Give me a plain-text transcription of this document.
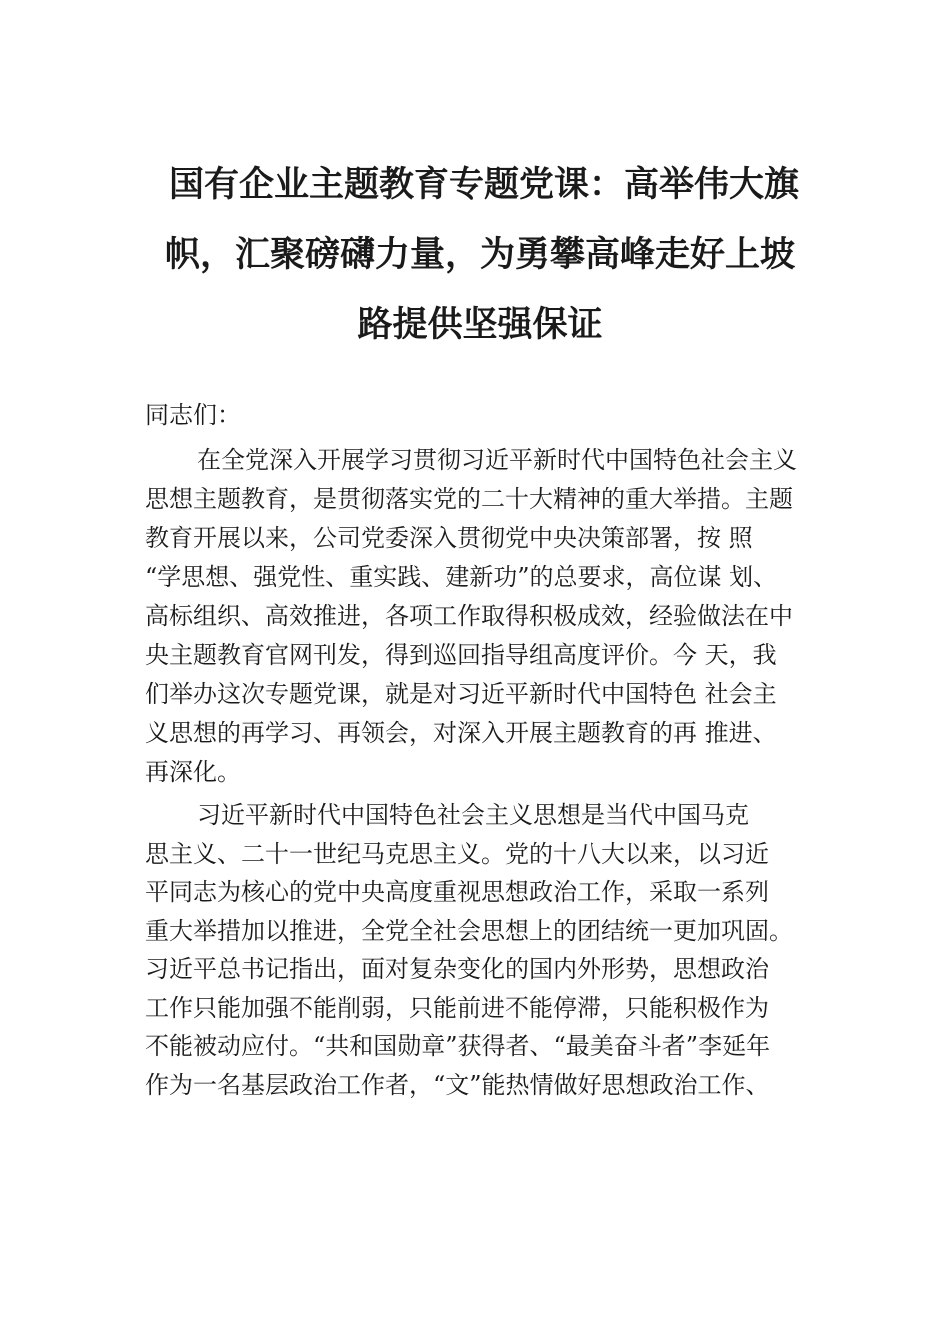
国有企业主题教育专题党课：高举伟大旗
帜，汇聚磅礴力量，为勇攀高峰走好上坡
路提供坚强保证
同志们：
在全党深入开展学习贯彻习近平新时代中国特色社会主义
思想主题教育，是贯彻落实党的二十大精神的重大举措。主题
教育开展以来，公司党委深入贯彻党中央决策部署，按 照
“学思想、强党性、重实践、建新功”的总要求，高位谋 划、
高标组织、高效推进，各项工作取得积极成效，经验做法在中
央主题教育官网刊发，得到巡回指导组高度评价。今 天，我
们举办这次专题党课，就是对习近平新时代中国特色 社会主
义思想的再学习、再领会，对深入开展主题教育的再 推进、
再深化。
习近平新时代中国特色社会主义思想是当代中国马克
思主义、二十一世纪马克思主义。党的十八大以来，以习近
平同志为核心的党中央高度重视思想政治工作，采取一系列
重大举措加以推进，全党全社会思想上的团结统一更加巩固。
习近平总书记指出，面对复杂变化的国内外形势，思想政治
工作只能加强不能削弱，只能前进不能停滞，只能积极作为
不能被动应付。“共和国勋章”获得者、“最美奋斗者”李延年
作为一名基层政治工作者，“文”能热情做好思想政治工作、
